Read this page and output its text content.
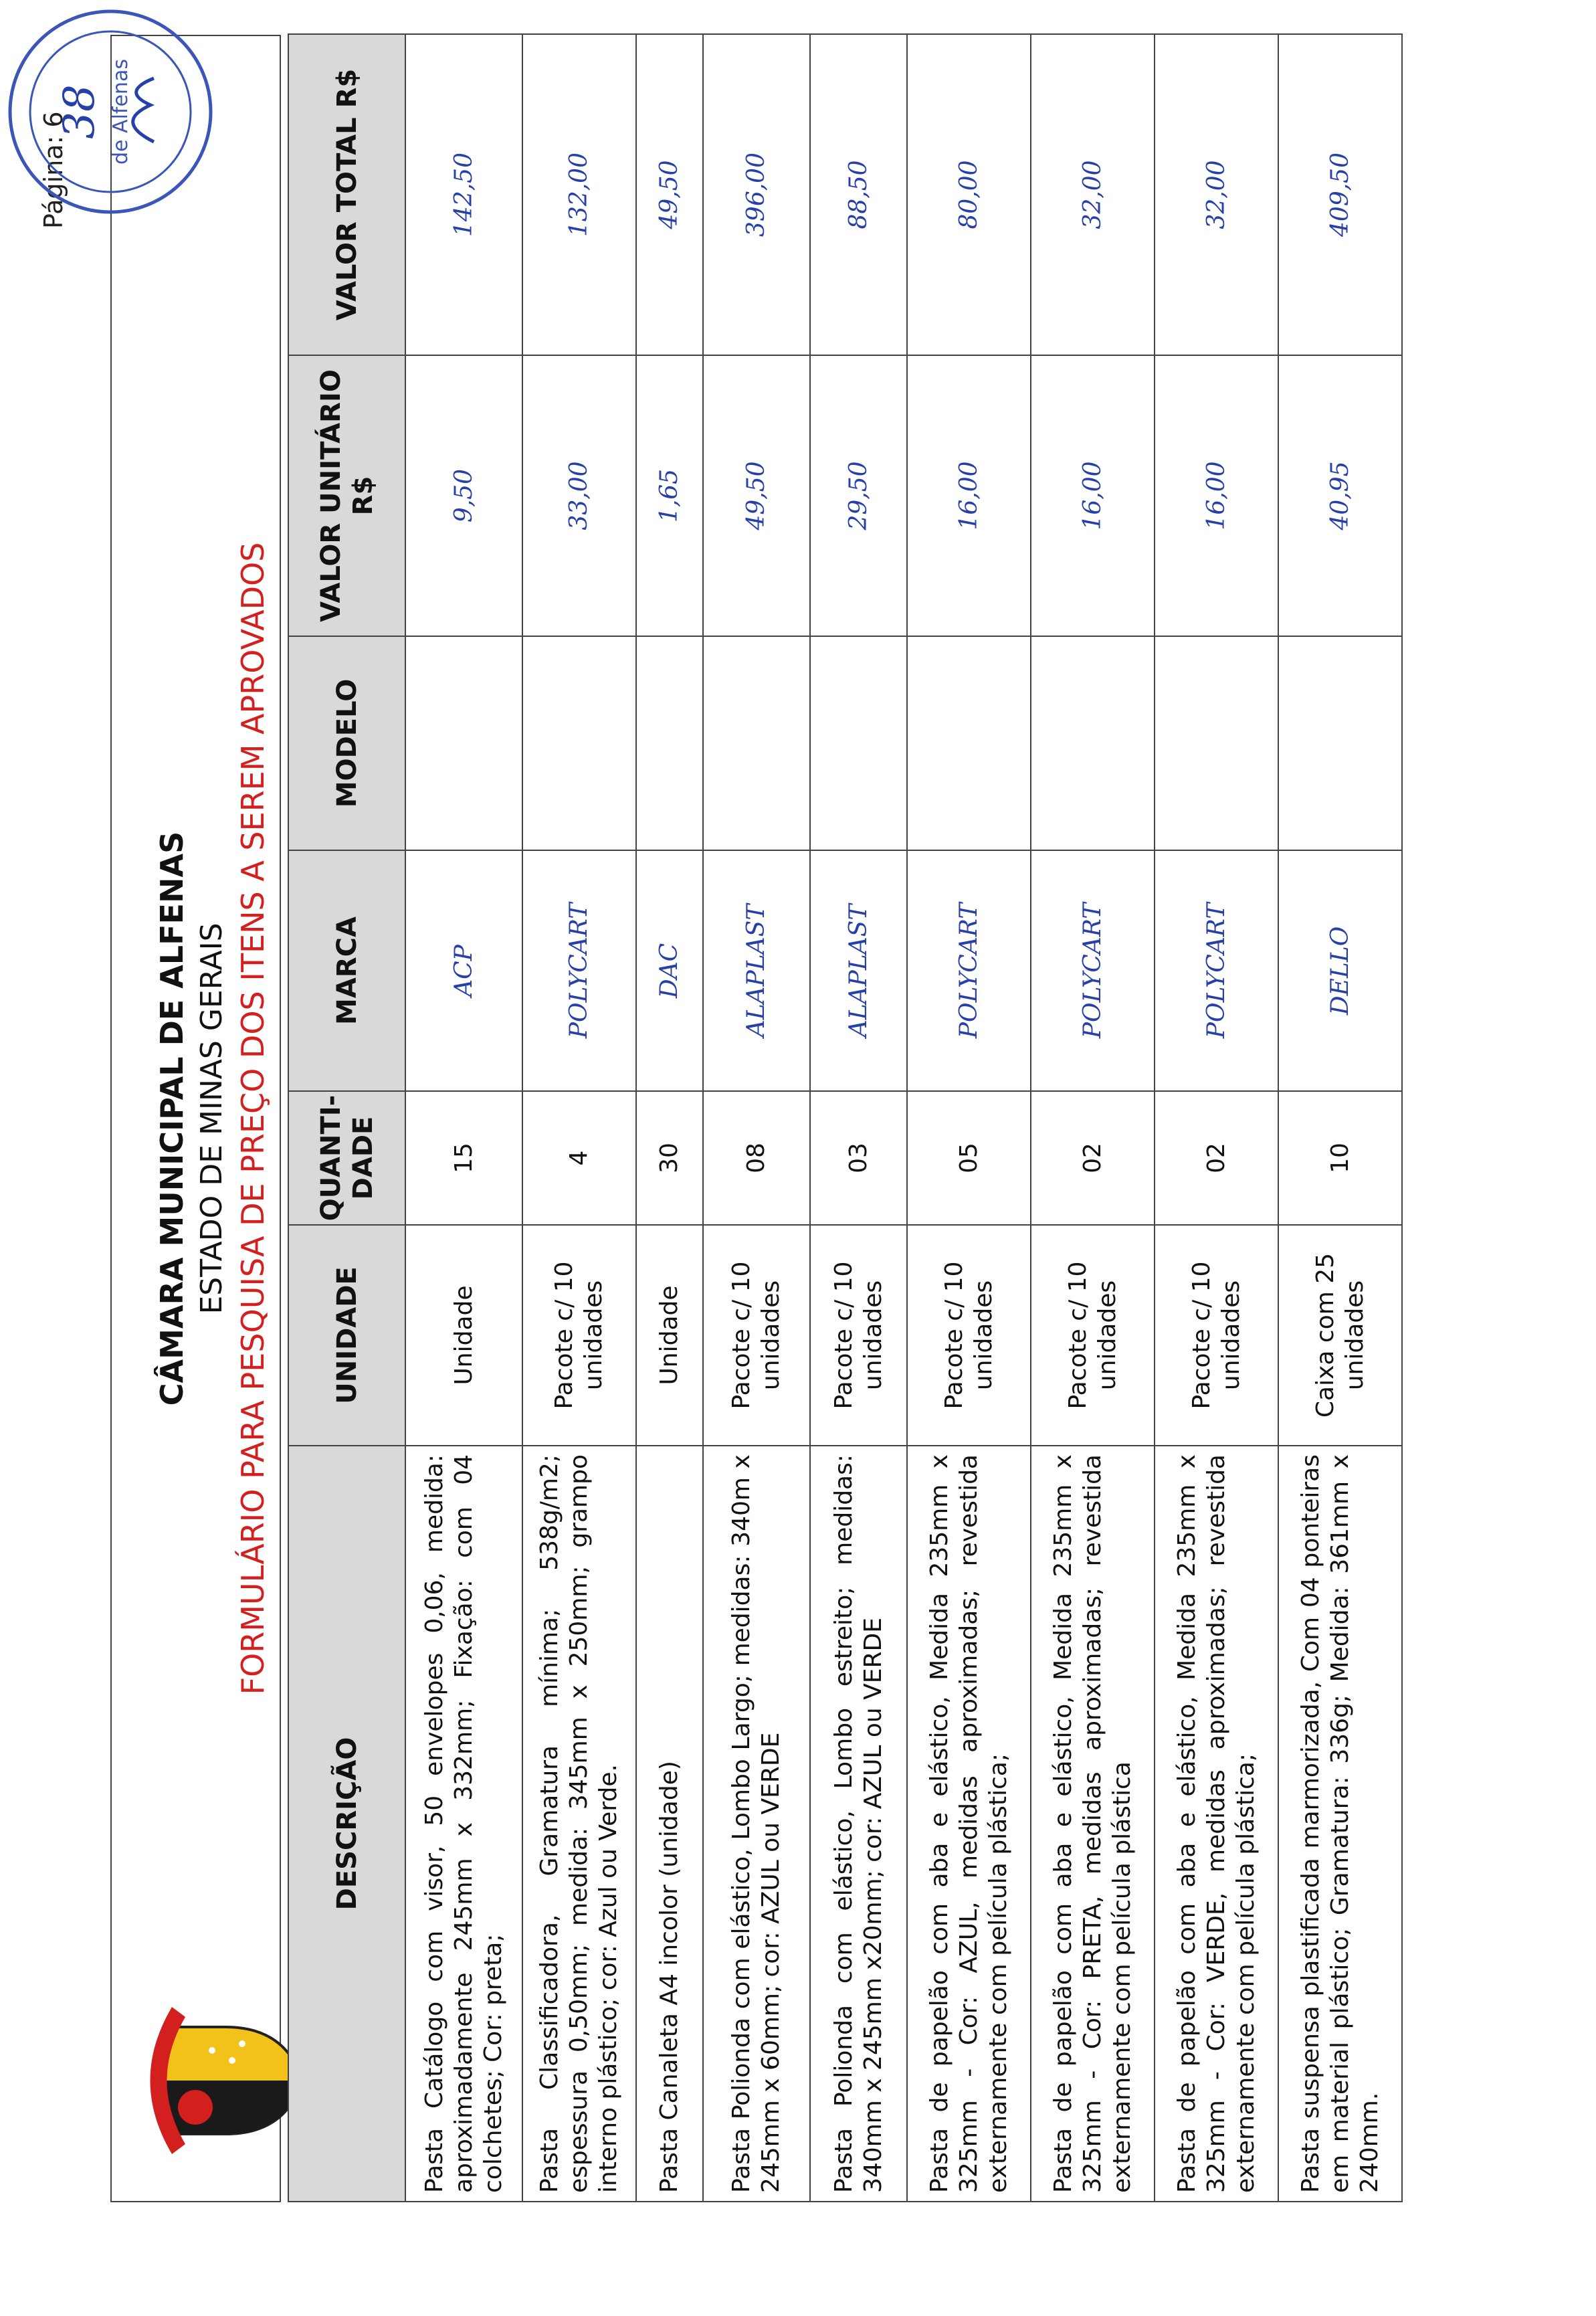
Página: 6
CÂMARA MUNICIPAL DE ALFENAS ESTADO DE MINAS GERAIS FORMULÁRIO PARA PESQUISA DE PREÇO DOS ITENS A SEREM APROVADOS
DESCRIÇÃO	UNIDADE	QUANTI-DADE	MARCA	MODELO	VALOR UNITÁRIO R$	VALOR TOTAL R$
Pasta Catálogo com visor, 50 envelopes 0,06, medida: aproximadamente 245mm x 332mm; Fixação: com 04 colchetes; Cor: preta;	Unidade	15	ACP		9,50	142,50
Pasta Classificadora, Gramatura mínima; 538g/m2; espessura 0,50mm; medida: 345mm x 250mm; grampo interno plástico; cor: Azul ou Verde.	Pacote c/ 10 unidades	4	POLYCART		33,00	132,00
Pasta Canaleta A4 incolor (unidade)	Unidade	30	DAC		1,65	49,50
Pasta Polionda com elástico, Lombo Largo; medidas: 340m x 245mm x 60mm; cor: AZUL ou VERDE	Pacote c/ 10 unidades	08	ALAPLAST		49,50	396,00
Pasta Polionda com elástico, Lombo estreito; medidas: 340mm x 245mm x20mm; cor: AZUL ou VERDE	Pacote c/ 10 unidades	03	ALAPLAST		29,50	88,50
Pasta de papelão com aba e elástico, Medida 235mm x 325mm - Cor: AZUL, medidas aproximadas; revestida externamente com película plástica;	Pacote c/ 10 unidades	05	POLYCART		16,00	80,00
Pasta de papelão com aba e elástico, Medida 235mm x 325mm - Cor: PRETA, medidas aproximadas; revestida externamente com película plástica	Pacote c/ 10 unidades	02	POLYCART		16,00	32,00
Pasta de papelão com aba e elástico, Medida 235mm x 325mm - Cor: VERDE, medidas aproximadas; revestida externamente com película plástica;	Pacote c/ 10 unidades	02	POLYCART		16,00	32,00
Pasta suspensa plastificada marmorizada, Com 04 ponteiras em material plástico; Gramatura: 336g; Medida: 361mm x 240mm.	Caixa com 25 unidades	10	DELLO		40,95	409,50
38 de Alfenas
